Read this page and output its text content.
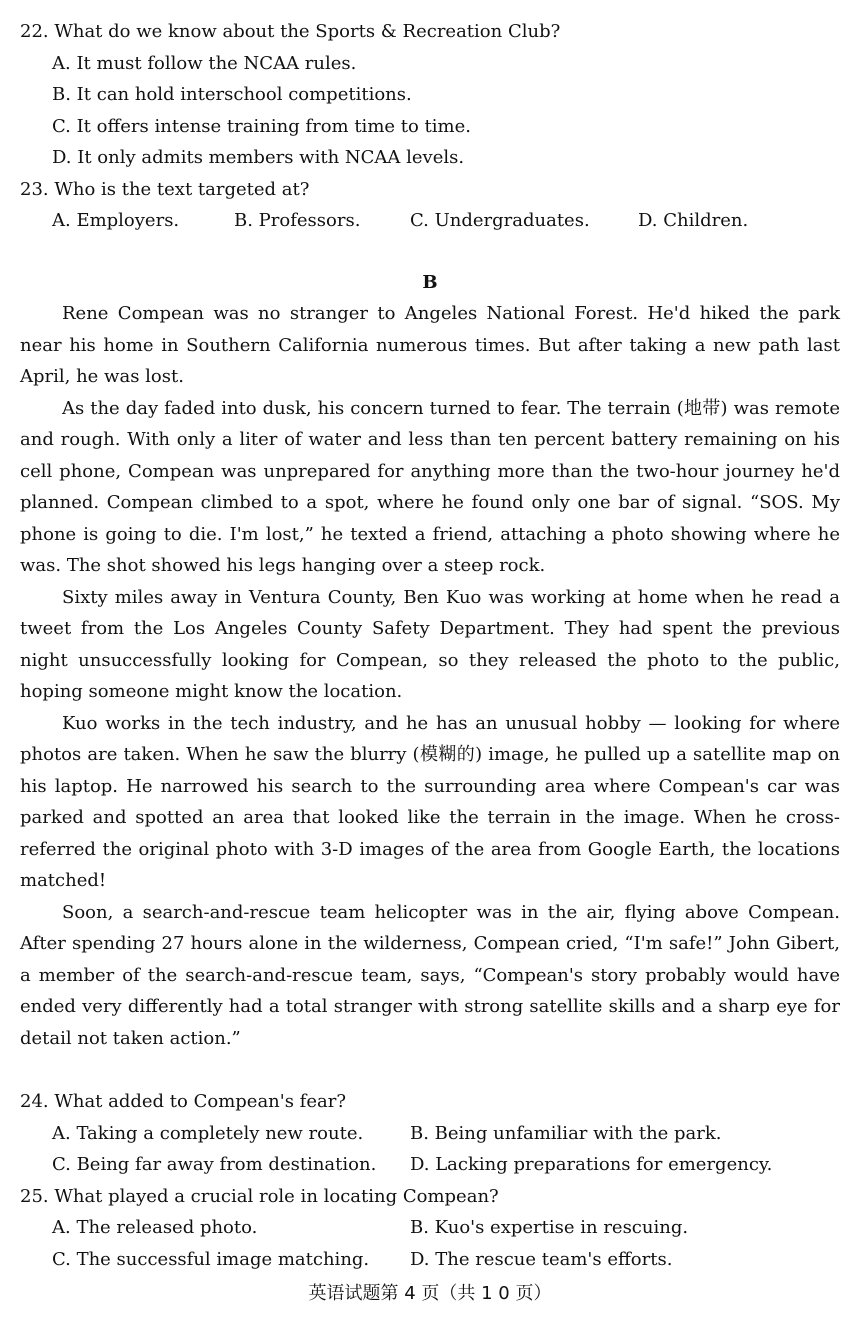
22. What do we know about the Sports & Recreation Club?
A. It must follow the NCAA rules.
B. It can hold interschool competitions.
C. It offers intense training from time to time.
D. It only admits members with NCAA levels.
23. Who is the text targeted at?
A. Employers.	B. Professors.	C. Undergraduates.	D. Children.
B

Rene Compean was no stranger to Angeles National Forest. He'd hiked the park near his home in Southern California numerous times. But after taking a new path last April, he was lost.

As the day faded into dusk, his concern turned to fear. The terrain (地带) was remote and rough. With only a liter of water and less than ten percent battery remaining on his cell phone, Compean was unprepared for anything more than the two-hour journey he'd planned. Compean climbed to a spot, where he found only one bar of signal. “SOS. My phone is going to die. I'm lost,” he texted a friend, attaching a photo showing where he was. The shot showed his legs hanging over a steep rock.

Sixty miles away in Ventura County, Ben Kuo was working at home when he read a tweet from the Los Angeles County Safety Department. They had spent the previous night unsuccessfully looking for Compean, so they released the photo to the public, hoping someone might know the location.

Kuo works in the tech industry, and he has an unusual hobby — looking for where photos are taken. When he saw the blurry (模糊的) image, he pulled up a satellite map on his laptop. He narrowed his search to the surrounding area where Compean's car was parked and spotted an area that looked like the terrain in the image. When he cross-referred the original photo with 3-D images of the area from Google Earth, the locations matched!

Soon, a search-and-rescue team helicopter was in the air, flying above Compean. After spending 27 hours alone in the wilderness, Compean cried, “I'm safe!” John Gibert, a member of the search-and-rescue team, says, “Compean's story probably would have ended very differently had a total stranger with strong satellite skills and a sharp eye for detail not taken action.”

24. What added to Compean's fear?
A. Taking a completely new route.	B. Being unfamiliar with the park.
C. Being far away from destination.	D. Lacking preparations for emergency.
25. What played a crucial role in locating Compean?
A. The released photo.	B. Kuo's expertise in rescuing.
C. The successful image matching.	D. The rescue team's efforts.
英语试题第 4 页（共 1 0 页）
